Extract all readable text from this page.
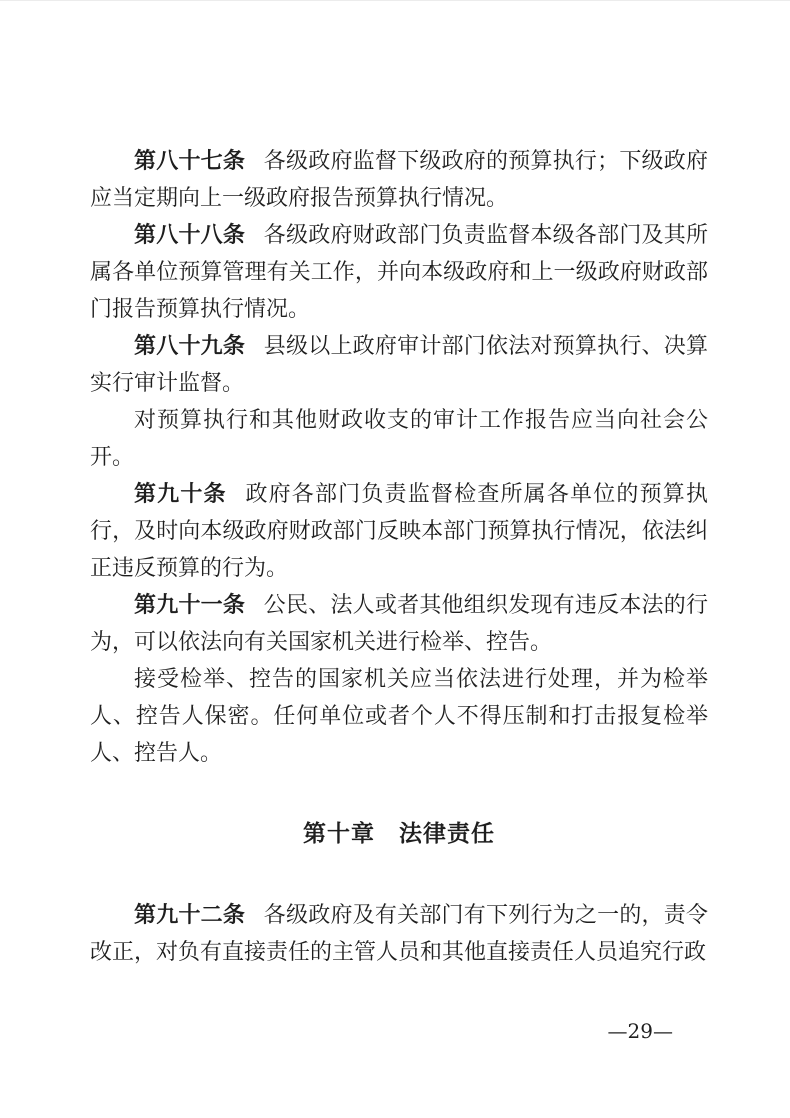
第八十七条 各级政府监督下级政府的预算执行；下级政府应当定期向上一级政府报告预算执行情况。

第八十八条 各级政府财政部门负责监督本级各部门及其所属各单位预算管理有关工作，并向本级政府和上一级政府财政部门报告预算执行情况。

第八十九条 县级以上政府审计部门依法对预算执行、决算实行审计监督。

对预算执行和其他财政收支的审计工作报告应当向社会公开。

第九十条 政府各部门负责监督检查所属各单位的预算执行，及时向本级政府财政部门反映本部门预算执行情况，依法纠正违反预算的行为。

第九十一条 公民、法人或者其他组织发现有违反本法的行为，可以依法向有关国家机关进行检举、控告。

接受检举、控告的国家机关应当依法进行处理，并为检举人、控告人保密。任何单位或者个人不得压制和打击报复检举人、控告人。

第十章　法律责任

第九十二条 各级政府及有关部门有下列行为之一的，责令改正，对负有直接责任的主管人员和其他直接责任人员追究行政

—29—
